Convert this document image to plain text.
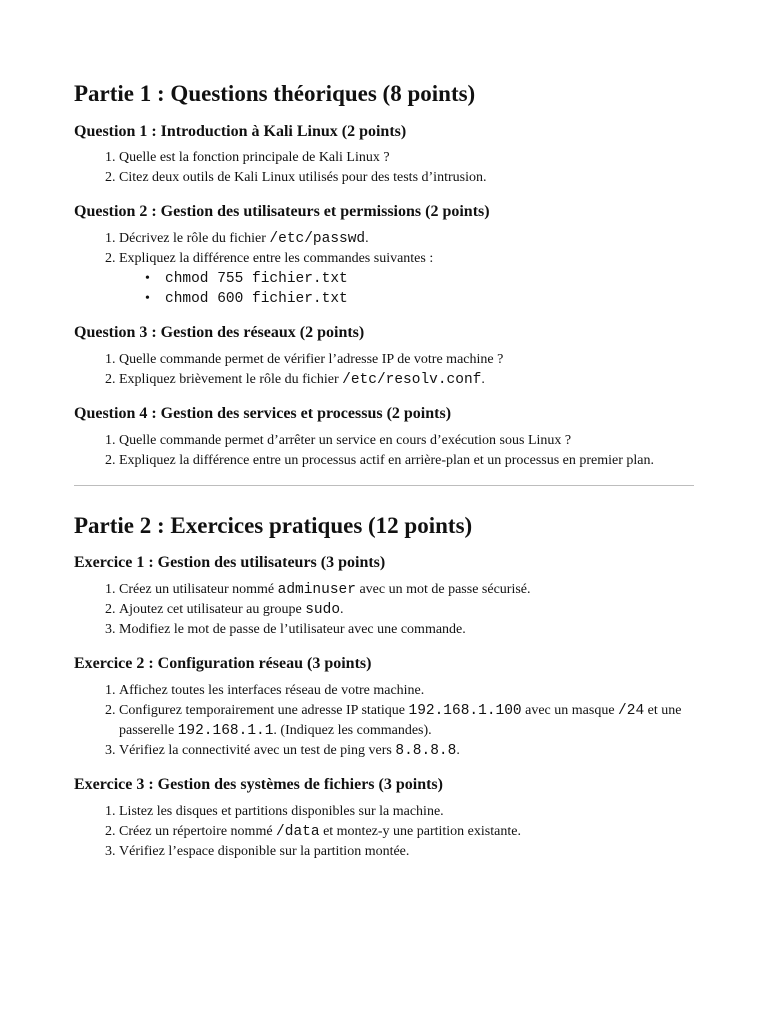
Partie 1 : Questions théoriques (8 points)
Question 1 : Introduction à Kali Linux (2 points)
1. Quelle est la fonction principale de Kali Linux ?
2. Citez deux outils de Kali Linux utilisés pour des tests d’intrusion.
Question 2 : Gestion des utilisateurs et permissions (2 points)
1. Décrivez le rôle du fichier /etc/passwd.
2. Expliquez la différence entre les commandes suivantes :
• chmod 755 fichier.txt
• chmod 600 fichier.txt
Question 3 : Gestion des réseaux (2 points)
1. Quelle commande permet de vérifier l’adresse IP de votre machine ?
2. Expliquez brièvement le rôle du fichier /etc/resolv.conf.
Question 4 : Gestion des services et processus (2 points)
1. Quelle commande permet d’arrêter un service en cours d’exécution sous Linux ?
2. Expliquez la différence entre un processus actif en arrière-plan et un processus en premier plan.
Partie 2 : Exercices pratiques (12 points)
Exercice 1 : Gestion des utilisateurs (3 points)
1. Créez un utilisateur nommé adminuser avec un mot de passe sécurisé.
2. Ajoutez cet utilisateur au groupe sudo.
3. Modifiez le mot de passe de l’utilisateur avec une commande.
Exercice 2 : Configuration réseau (3 points)
1. Affichez toutes les interfaces réseau de votre machine.
2. Configurez temporairement une adresse IP statique 192.168.1.100 avec un masque /24 et une passerelle 192.168.1.1. (Indiquez les commandes).
3. Vérifiez la connectivité avec un test de ping vers 8.8.8.8.
Exercice 3 : Gestion des systèmes de fichiers (3 points)
1. Listez les disques et partitions disponibles sur la machine.
2. Créez un répertoire nommé /data et montez-y une partition existante.
3. Vérifiez l’espace disponible sur la partition montée.
